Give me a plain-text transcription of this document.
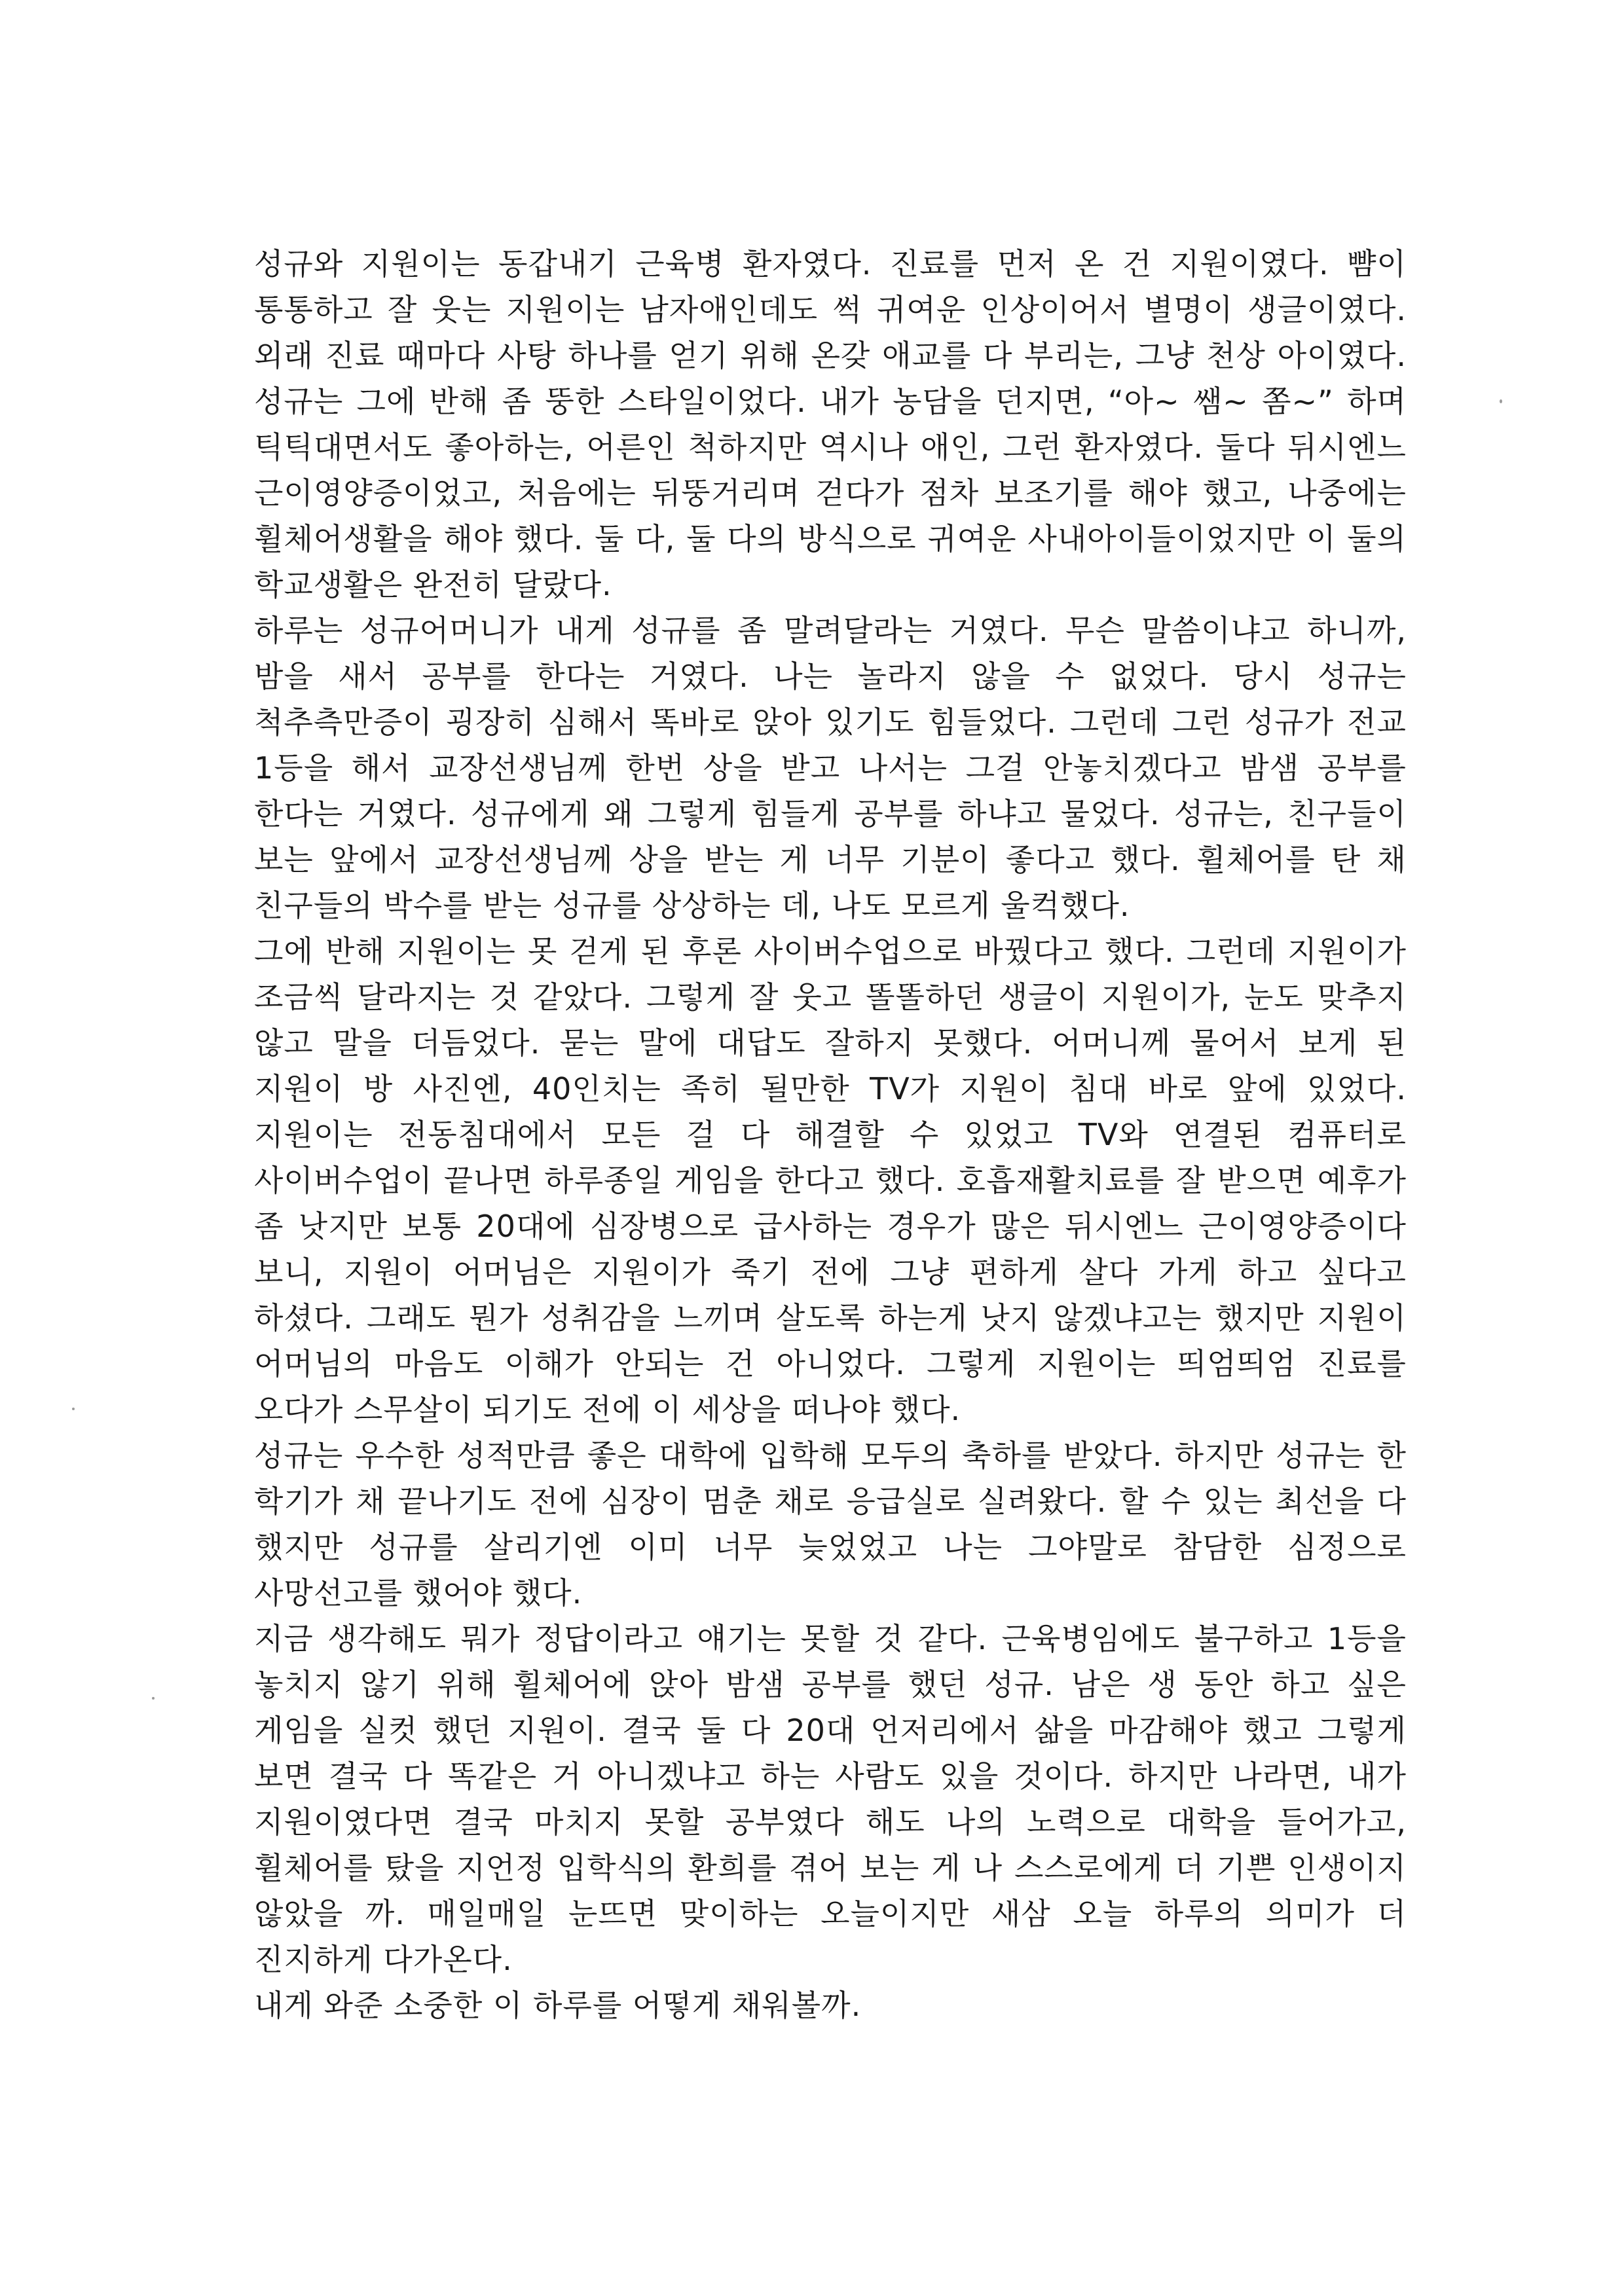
성규와 지원이는 동갑내기 근육병 환자였다. 진료를 먼저 온 건 지원이였다. 뺨이 통통하고 잘 웃는 지원이는 남자애인데도 썩 귀여운 인상이어서 별명이 생글이였다. 외래 진료 때마다 사탕 하나를 얻기 위해 온갖 애교를 다 부리는, 그냥 천상 아이였다. 성규는 그에 반해 좀 뚱한 스타일이었다. 내가 농담을 던지면, “아~ 쌤~ 쫌~” 하며 틱틱대면서도 좋아하는, 어른인 척하지만 역시나 애인, 그런 환자였다. 둘다 뒤시엔느 근이영양증이었고, 처음에는 뒤뚱거리며 걷다가 점차 보조기를 해야 했고, 나중에는 휠체어생활을 해야 했다. 둘 다, 둘 다의 방식으로 귀여운 사내아이들이었지만 이 둘의 학교생활은 완전히 달랐다.

하루는 성규어머니가 내게 성규를 좀 말려달라는 거였다. 무슨 말씀이냐고 하니까, 밤을 새서 공부를 한다는 거였다. 나는 놀라지 않을 수 없었다. 당시 성규는 척추측만증이 굉장히 심해서 똑바로 앉아 있기도 힘들었다. 그런데 그런 성규가 전교 1등을 해서 교장선생님께 한번 상을 받고 나서는 그걸 안놓치겠다고 밤샘 공부를 한다는 거였다. 성규에게 왜 그렇게 힘들게 공부를 하냐고 물었다. 성규는, 친구들이 보는 앞에서 교장선생님께 상을 받는 게 너무 기분이 좋다고 했다. 휠체어를 탄 채 친구들의 박수를 받는 성규를 상상하는 데, 나도 모르게 울컥했다.

그에 반해 지원이는 못 걷게 된 후론 사이버수업으로 바꿨다고 했다. 그런데 지원이가 조금씩 달라지는 것 같았다. 그렇게 잘 웃고 똘똘하던 생글이 지원이가, 눈도 맞추지 않고 말을 더듬었다. 묻는 말에 대답도 잘하지 못했다. 어머니께 물어서 보게 된 지원이 방 사진엔, 40인치는 족히 될만한 TV가 지원이 침대 바로 앞에 있었다. 지원이는 전동침대에서 모든 걸 다 해결할 수 있었고 TV와 연결된 컴퓨터로 사이버수업이 끝나면 하루종일 게임을 한다고 했다. 호흡재활치료를 잘 받으면 예후가 좀 낫지만 보통 20대에 심장병으로 급사하는 경우가 많은 뒤시엔느 근이영양증이다 보니, 지원이 어머님은 지원이가 죽기 전에 그냥 편하게 살다 가게 하고 싶다고 하셨다. 그래도 뭔가 성취감을 느끼며 살도록 하는게 낫지 않겠냐고는 했지만 지원이 어머님의 마음도 이해가 안되는 건 아니었다. 그렇게 지원이는 띄엄띄엄 진료를 오다가 스무살이 되기도 전에 이 세상을 떠나야 했다.

성규는 우수한 성적만큼 좋은 대학에 입학해 모두의 축하를 받았다. 하지만 성규는 한 학기가 채 끝나기도 전에 심장이 멈춘 채로 응급실로 실려왔다. 할 수 있는 최선을 다 했지만 성규를 살리기엔 이미 너무 늦었었고 나는 그야말로 참담한 심정으로 사망선고를 했어야 했다.

지금 생각해도 뭐가 정답이라고 얘기는 못할 것 같다. 근육병임에도 불구하고 1등을 놓치지 않기 위해 휠체어에 앉아 밤샘 공부를 했던 성규. 남은 생 동안 하고 싶은 게임을 실컷 했던 지원이. 결국 둘 다 20대 언저리에서 삶을 마감해야 했고 그렇게 보면 결국 다 똑같은 거 아니겠냐고 하는 사람도 있을 것이다. 하지만 나라면, 내가 지원이였다면 결국 마치지 못할 공부였다 해도 나의 노력으로 대학을 들어가고, 휠체어를 탔을 지언정 입학식의 환희를 겪어 보는 게 나 스스로에게 더 기쁜 인생이지 않았을 까. 매일매일 눈뜨면 맞이하는 오늘이지만 새삼 오늘 하루의 의미가 더 진지하게 다가온다.

내게 와준 소중한 이 하루를 어떻게 채워볼까.
